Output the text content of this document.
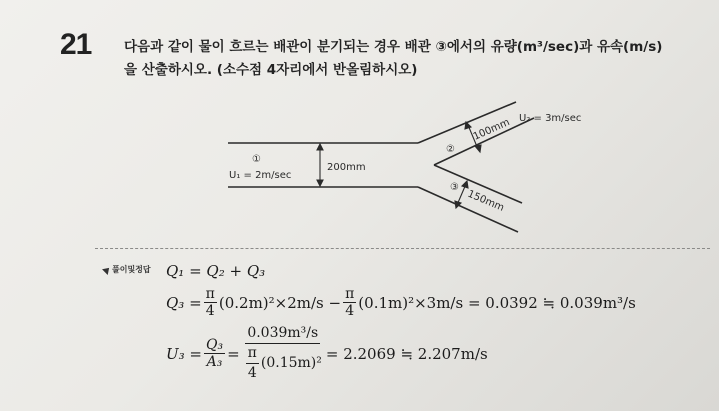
21 다음과 같이 물이 흐르는 배관이 분기되는 경우 배관 ③에서의 유량(m³/sec)과 유속(m/s)

을 산출하시오. (소수점 4자리에서 반올림하시오)

①
U₁ = 2m/sec
200mm
②
100mm U₂ = 3m/sec
③
150mm
풀이및정답 Q₁ = Q₂ + Q₃
$Q_3 = \frac{\pi}{4} (0.2m)^2\times 2m/s - \frac{\pi}{4} (0.1m)^2\times 3m/s = 0.0392$ ≒ 0.039m³/s
$U_3 = \frac{\text{Q₃}}{\text{A₃}} = \frac{\text{0.039m³/s}}{\frac{\pi}{4} (0.15m)^2} = 2.2069$ ≒ 2.207m/s
